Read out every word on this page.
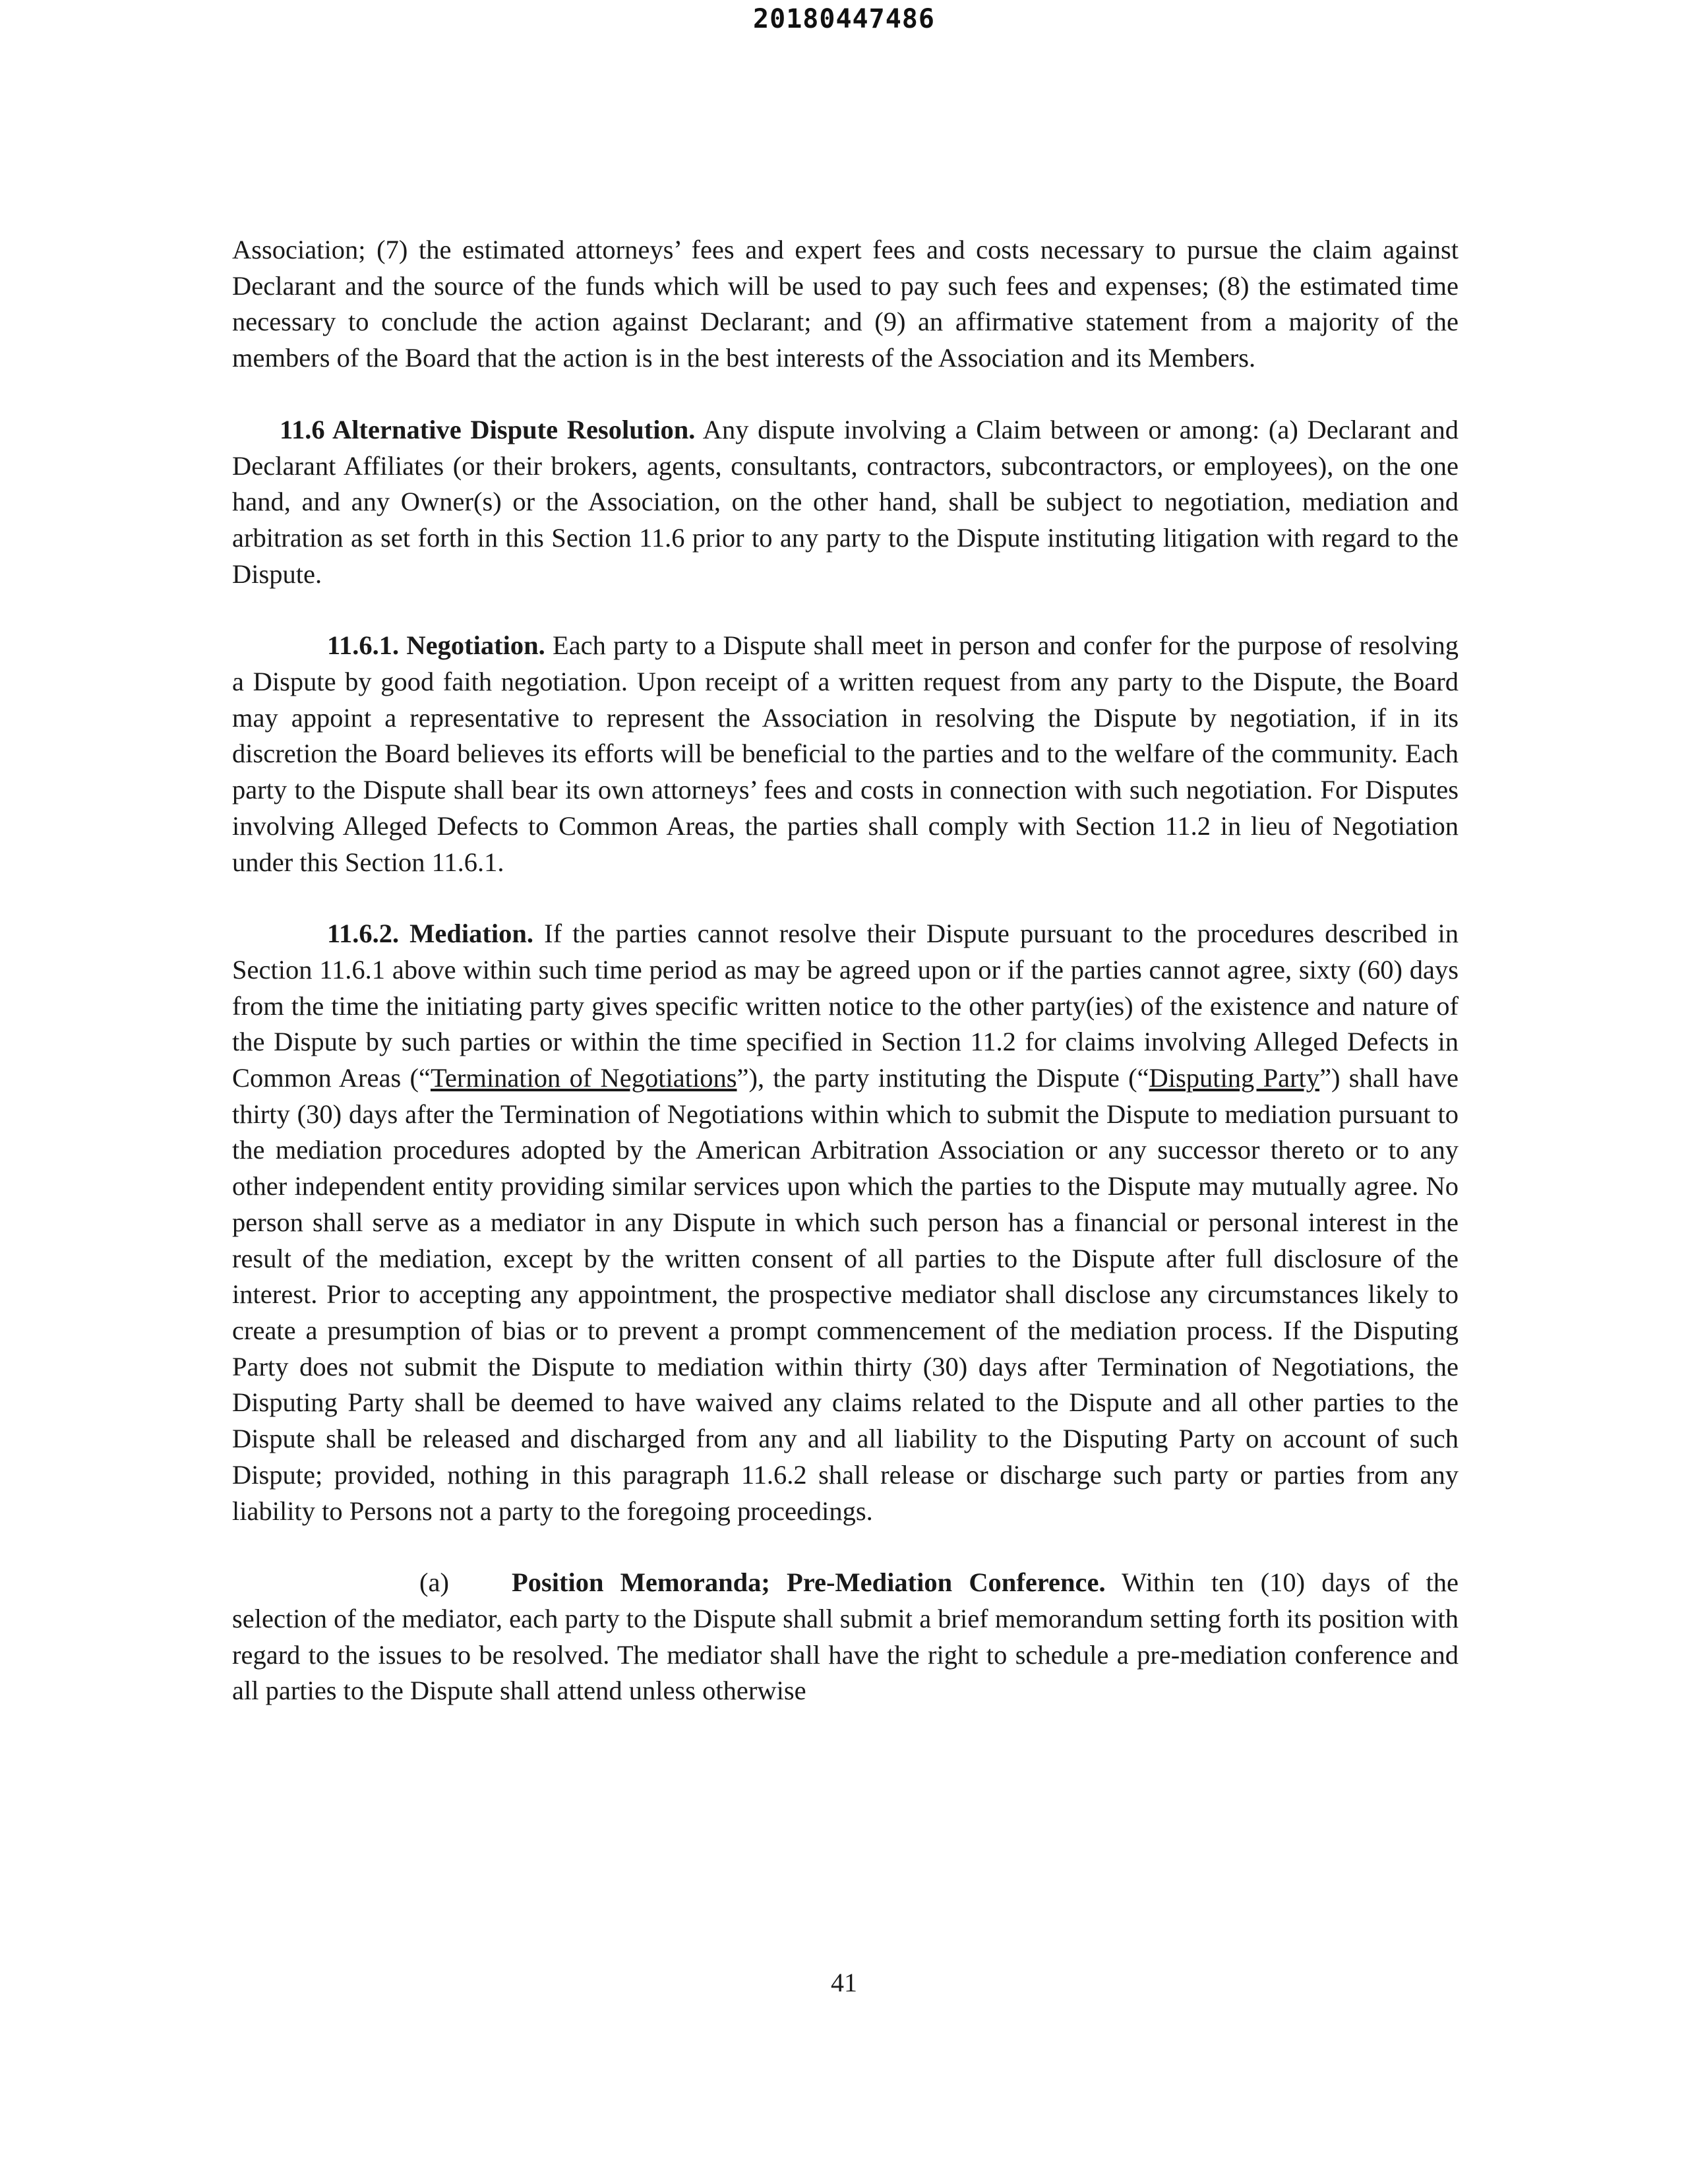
20180447486

Association; (7) the estimated attorneys’ fees and expert fees and costs necessary to pursue the claim against Declarant and the source of the funds which will be used to pay such fees and expenses; (8) the estimated time necessary to conclude the action against Declarant; and (9) an affirmative statement from a majority of the members of the Board that the action is in the best interests of the Association and its Members.

11.6 Alternative Dispute Resolution. Any dispute involving a Claim between or among: (a) Declarant and Declarant Affiliates (or their brokers, agents, consultants, contractors, subcontractors, or employees), on the one hand, and any Owner(s) or the Association, on the other hand, shall be subject to negotiation, mediation and arbitration as set forth in this Section 11.6 prior to any party to the Dispute instituting litigation with regard to the Dispute.

11.6.1. Negotiation. Each party to a Dispute shall meet in person and confer for the purpose of resolving a Dispute by good faith negotiation. Upon receipt of a written request from any party to the Dispute, the Board may appoint a representative to represent the Association in resolving the Dispute by negotiation, if in its discretion the Board believes its efforts will be beneficial to the parties and to the welfare of the community. Each party to the Dispute shall bear its own attorneys’ fees and costs in connection with such negotiation. For Disputes involving Alleged Defects to Common Areas, the parties shall comply with Section 11.2 in lieu of Negotiation under this Section 11.6.1.

11.6.2. Mediation. If the parties cannot resolve their Dispute pursuant to the procedures described in Section 11.6.1 above within such time period as may be agreed upon or if the parties cannot agree, sixty (60) days from the time the initiating party gives specific written notice to the other party(ies) of the existence and nature of the Dispute by such parties or within the time specified in Section 11.2 for claims involving Alleged Defects in Common Areas (“Termination of Negotiations”), the party instituting the Dispute (“Disputing Party”) shall have thirty (30) days after the Termination of Negotiations within which to submit the Dispute to mediation pursuant to the mediation procedures adopted by the American Arbitration Association or any successor thereto or to any other independent entity providing similar services upon which the parties to the Dispute may mutually agree. No person shall serve as a mediator in any Dispute in which such person has a financial or personal interest in the result of the mediation, except by the written consent of all parties to the Dispute after full disclosure of the interest. Prior to accepting any appointment, the prospective mediator shall disclose any circumstances likely to create a presumption of bias or to prevent a prompt commencement of the mediation process. If the Disputing Party does not submit the Dispute to mediation within thirty (30) days after Termination of Negotiations, the Disputing Party shall be deemed to have waived any claims related to the Dispute and all other parties to the Dispute shall be released and discharged from any and all liability to the Disputing Party on account of such Dispute; provided, nothing in this paragraph 11.6.2 shall release or discharge such party or parties from any liability to Persons not a party to the foregoing proceedings.

(a) Position Memoranda; Pre-Mediation Conference. Within ten (10) days of the selection of the mediator, each party to the Dispute shall submit a brief memorandum setting forth its position with regard to the issues to be resolved. The mediator shall have the right to schedule a pre-mediation conference and all parties to the Dispute shall attend unless otherwise

41
